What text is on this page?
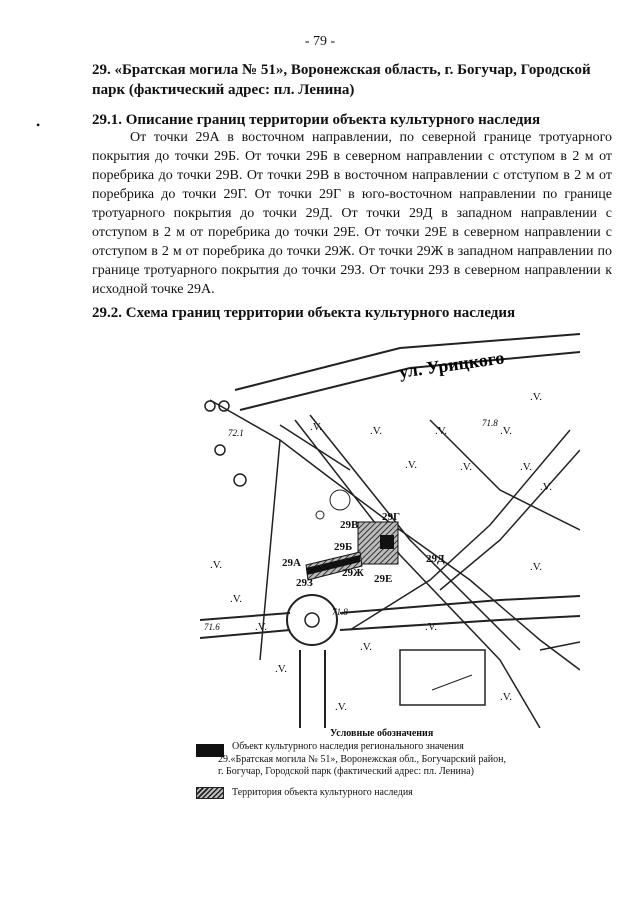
- 79 -

29. «Братская могила № 51», Воронежская область, г. Богучар, Городской парк (фактический адрес: пл. Ленина)

•	29.1. Описание границ территории объекта культурного наследия

От точки 29А в восточном направлении, по северной границе тротуарного покрытия до точки 29Б. От точки 29Б в северном направлении с отступом в 2 м от поребрика до точки 29В. От точки 29В в восточном направлении с отступом в 2 м от поребрика до точки 29Г. От точки 29Г в юго-восточном направлении по границе тротуарного покрытия до точки 29Д. От точки 29Д в западном направлении с отступом в 2 м от поребрика до точки 29Е. От точки 29Е в северном направлении с отступом в 2 м от поребрика до точки 29Ж. От точки 29Ж в западном направлении по границе тротуарного покрытия до точки 29З. От точки 29З в северном направлении к исходной точке 29А.

29.2. Схема границ территории объекта культурного наследия

72.1
71.8
71.6
71.8
.V.	.V.	.V.
.V.
.V.
.V.	.V.	.V.
.V.
.V.
.V.
.V.
.V.
.V.
.V.
.V.
.V.
.V.
ул. Урицкого
29А
29Б
29В
29Г
29Д
29Е
29Ж
29З
Условные обозначения
Объект культурного наследия регионального значения
29.«Братская могила № 51», Воронежская обл., Богучарский район,
г. Богучар, Городской парк (фактический адрес: пл. Ленина)
Территория объекта культурного наследия
